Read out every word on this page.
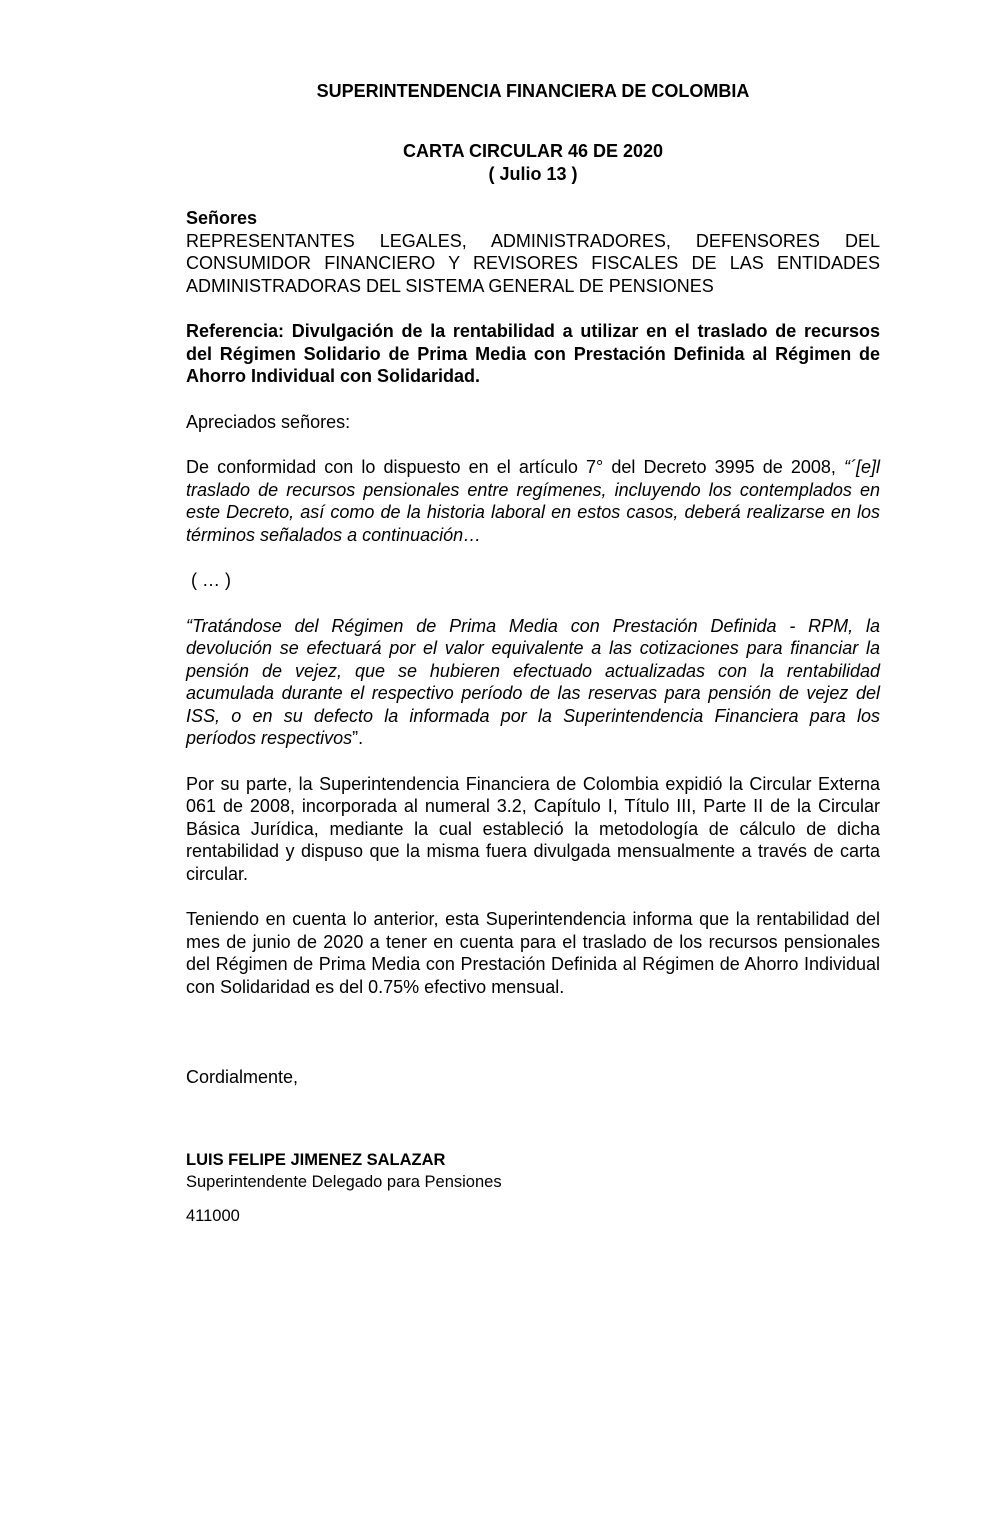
SUPERINTENDENCIA FINANCIERA DE COLOMBIA
CARTA CIRCULAR 46 DE 2020
( Julio 13 )

Señores

REPRESENTANTES LEGALES, ADMINISTRADORES, DEFENSORES DEL CONSUMIDOR FINANCIERO Y REVISORES FISCALES DE LAS ENTIDADES ADMINISTRADORAS DEL SISTEMA GENERAL DE PENSIONES

Referencia: Divulgación de la rentabilidad a utilizar en el traslado de recursos del Régimen Solidario de Prima Media con Prestación Definida al Régimen de Ahorro Individual con Solidaridad.

Apreciados señores:

De conformidad con lo dispuesto en el artículo 7° del Decreto 3995 de 2008, “´[e]l traslado de recursos pensionales entre regímenes, incluyendo los contemplados en este Decreto, así como de la historia laboral en estos casos, deberá realizarse en los términos señalados a continuación…

( … )

“Tratándose del Régimen de Prima Media con Prestación Definida - RPM, la devolución se efectuará por el valor equivalente a las cotizaciones para financiar la pensión de vejez, que se hubieren efectuado actualizadas con la rentabilidad acumulada durante el respectivo período de las reservas para pensión de vejez del ISS, o en su defecto la informada por la Superintendencia Financiera para los períodos respectivos”.

Por su parte, la Superintendencia Financiera de Colombia expidió la Circular Externa 061 de 2008, incorporada al numeral 3.2, Capítulo I, Título III, Parte II de la Circular Básica Jurídica, mediante la cual estableció la metodología de cálculo de dicha rentabilidad y dispuso que la misma fuera divulgada mensualmente a través de carta circular.

Teniendo en cuenta lo anterior, esta Superintendencia informa que la rentabilidad del mes de junio de 2020 a tener en cuenta para el traslado de los recursos pensionales del Régimen de Prima Media con Prestación Definida al Régimen de Ahorro Individual con Solidaridad es del 0.75% efectivo mensual.

Cordialmente,

LUIS FELIPE JIMENEZ SALAZAR

Superintendente Delegado para Pensiones

411000
